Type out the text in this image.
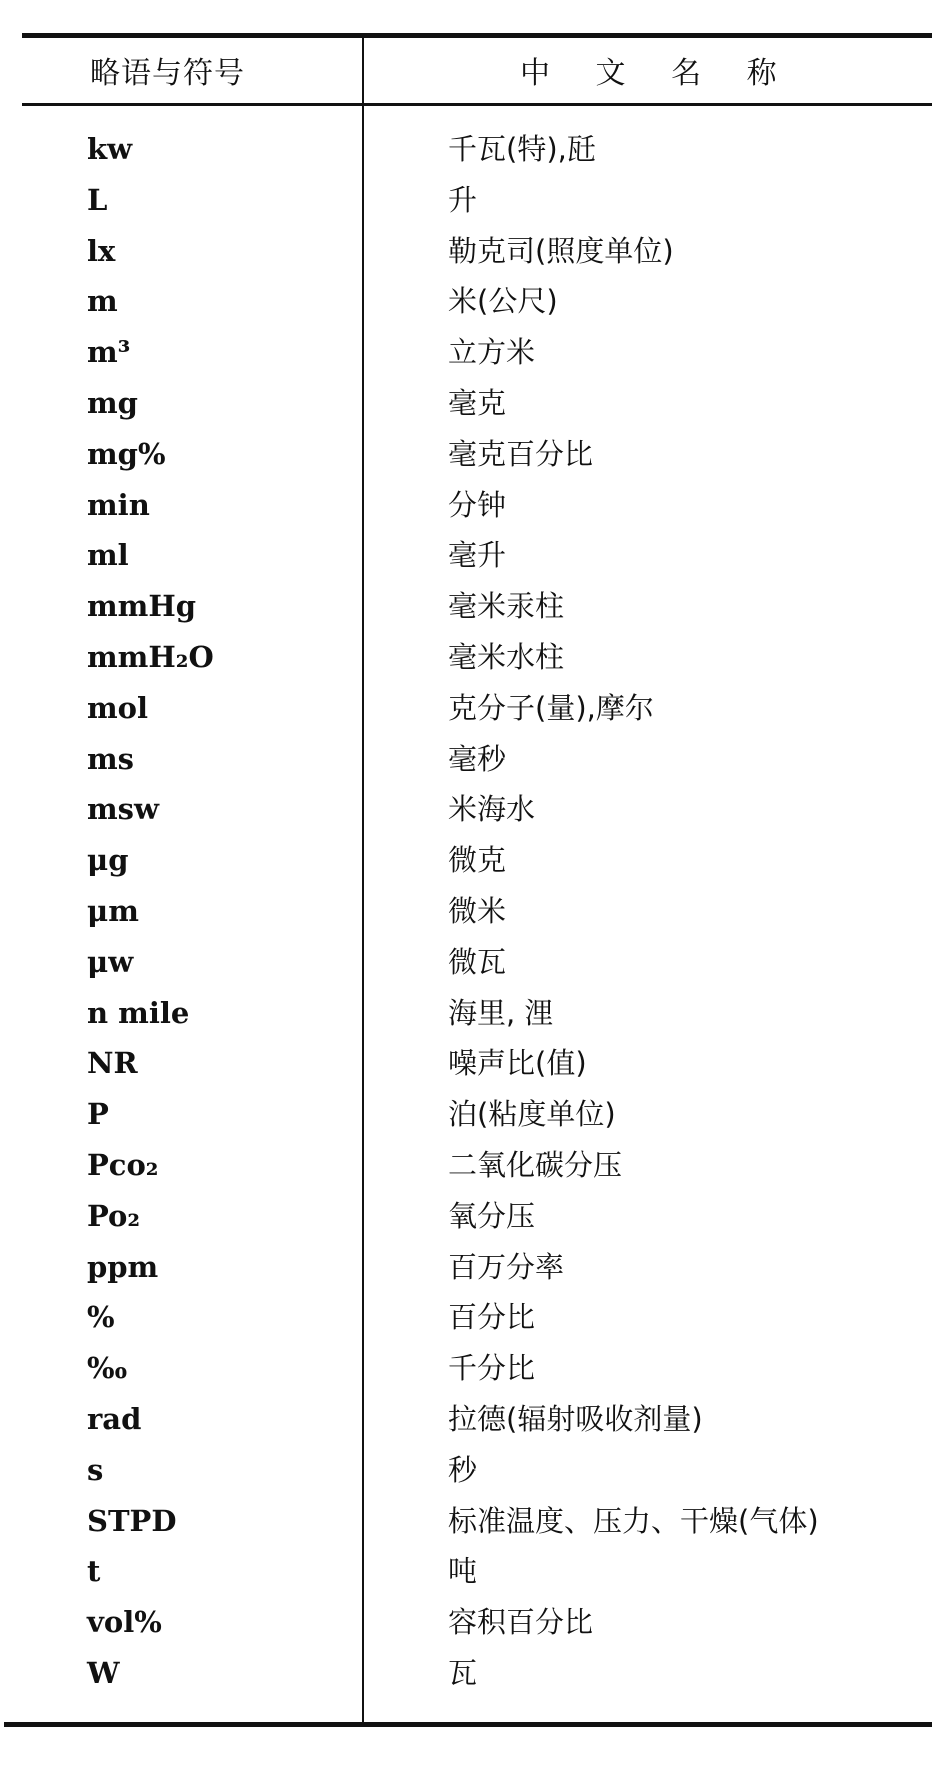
略语与符号	中 文 名 称
kw	千瓦(特),瓩
L	升
lx	勒克司(照度单位)
m	米(公尺)
m³	立方米
mg	毫克
mg%	毫克百分比
min	分钟
ml	毫升
mmHg	毫米汞柱
mmH₂O	毫米水柱
mol	克分子(量),摩尔
ms	毫秒
msw	米海水
μg	微克
μm	微米
μw	微瓦
n mile	海里, 浬
NR	噪声比(值)
P	泊(粘度单位)
Pco₂	二氧化碳分压
Po₂	氧分压
ppm	百万分率
%	百分比
‰	千分比
rad	拉德(辐射吸收剂量)
s	秒
STPD	标准温度、压力、干燥(气体)
t	吨
vol%	容积百分比
W	瓦
